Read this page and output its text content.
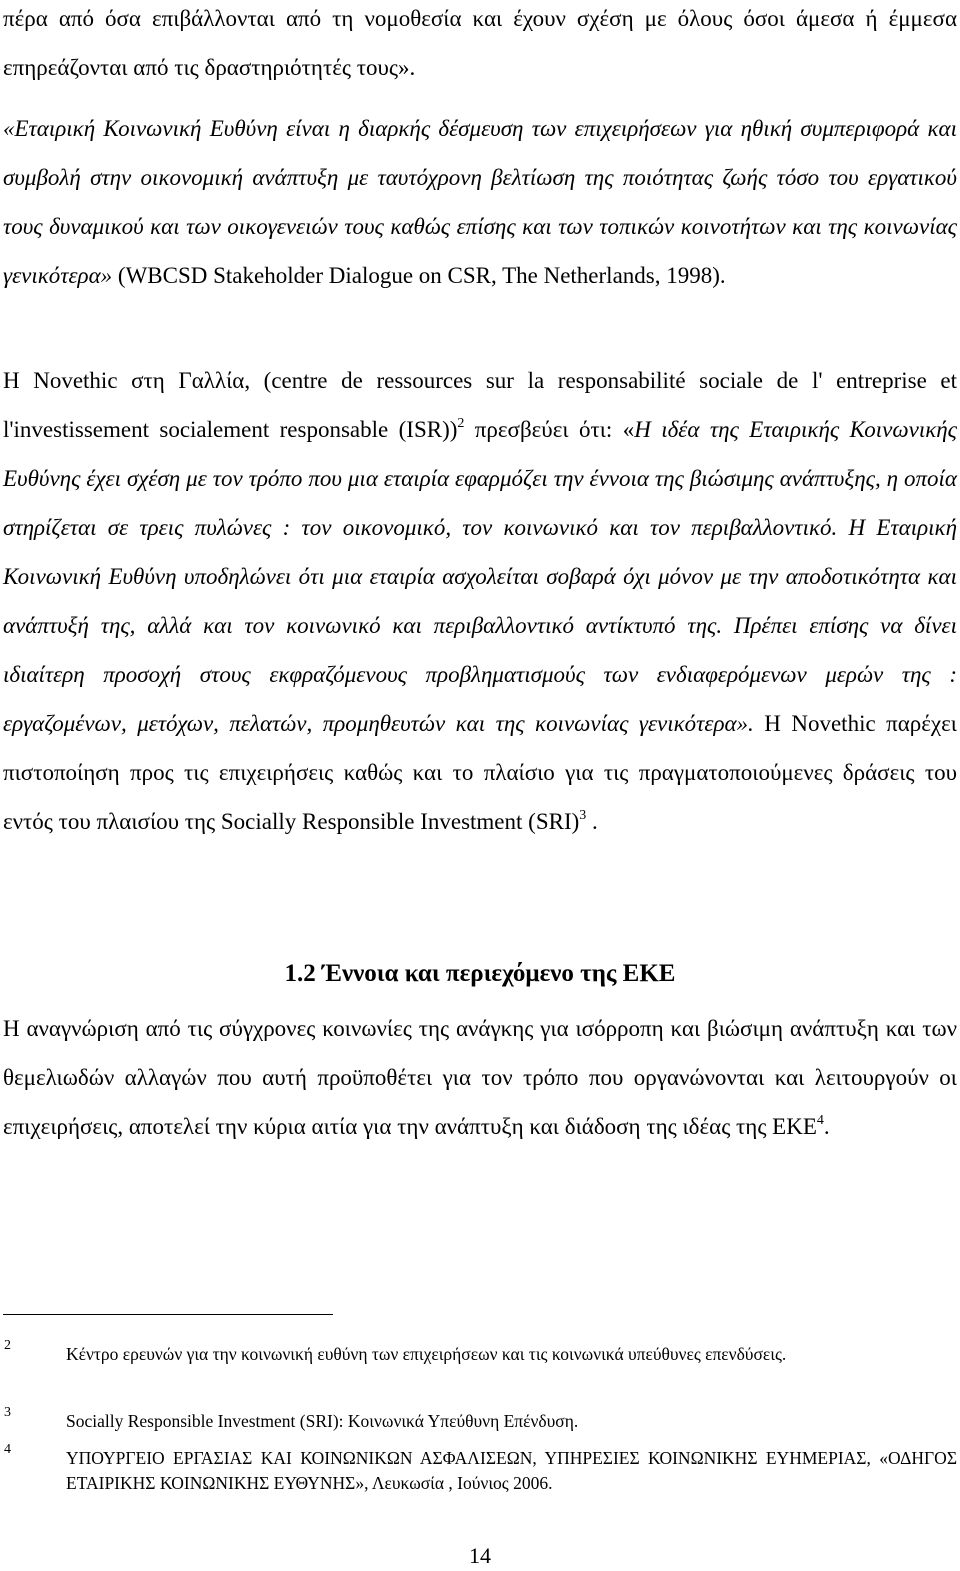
πέρα από όσα επιβάλλονται από τη νομοθεσία και έχουν σχέση με όλους όσοι άμεσα ή έμμεσα επηρεάζονται από τις δραστηριότητές τους».
«Εταιρική Κοινωνική Ευθύνη είναι η διαρκής δέσμευση των επιχειρήσεων για ηθική συμπεριφορά και συμβολή στην οικονομική ανάπτυξη με ταυτόχρονη βελτίωση της ποιότητας ζωής τόσο του εργατικού τους δυναμικού και των οικογενειών τους καθώς επίσης και των τοπικών κοινοτήτων και της κοινωνίας γενικότερα» (WBCSD Stakeholder Dialogue on CSR, The Netherlands, 1998).
H Novethic στη Γαλλία, (centre de ressources sur la responsabilité sociale de l' entreprise et l'investissement socialement responsable (ISR))$^2$ πρεσβεύει ότι: «Η ιδέα της Εταιρικής Κοινωνικής Ευθύνης έχει σχέση με τον τρόπο που μια εταιρία εφαρμόζει την έννοια της βιώσιμης ανάπτυξης, η οποία στηρίζεται σε τρεις πυλώνες : τον οικονομικό, τον κοινωνικό και τον περιβαλλοντικό. Η Εταιρική Κοινωνική Ευθύνη υποδηλώνει ότι μια εταιρία ασχολείται σοβαρά όχι μόνον με την αποδοτικότητα και ανάπτυξή της, αλλά και τον κοινωνικό και περιβαλλοντικό αντίκτυπό της. Πρέπει επίσης να δίνει ιδιαίτερη προσοχή στους εκφραζόμενους προβληματισμούς των ενδιαφερόμενων μερών της : εργαζομένων, μετόχων, πελατών, προμηθευτών και της κοινωνίας γενικότερα». H Novethic παρέχει πιστοποίηση προς τις επιχειρήσεις καθώς και το πλαίσιο για τις πραγματοποιούμενες δράσεις του εντός του πλαισίου της Socially Responsible Investment (SRI)$^3$ .
1.2 Έννοια και περιεχόμενο της ΕΚΕ
Η αναγνώριση από τις σύγχρονες κοινωνίες της ανάγκης για ισόρροπη και βιώσιμη ανάπτυξη και των θεμελιωδών αλλαγών που αυτή προϋποθέτει για τον τρόπο που οργανώνονται και λειτουργούν οι επιχειρήσεις, αποτελεί την κύρια αιτία για την ανάπτυξη και διάδοση της ιδέας της ΕΚΕ$^4$.
2	Κέντρο ερευνών για την κοινωνική ευθύνη των επιχειρήσεων και τις κοινωνικά υπεύθυνες επενδύσεις.
3	Socially Responsible Investment (SRI): Κοινωνικά Υπεύθυνη Επένδυση.
4	ΥΠΟΥΡΓΕΙΟ ΕΡΓΑΣΙΑΣ ΚΑΙ ΚΟΙΝΩΝΙΚΩΝ ΑΣΦΑΛΙΣΕΩΝ, ΥΠΗΡΕΣΙΕΣ ΚΟΙΝΩΝΙΚΗΣ ΕΥΗΜΕΡΙΑΣ, «ΟΔΗΓΟΣ ΕΤΑΙΡΙΚΗΣ ΚΟΙΝΩΝΙΚΗΣ ΕΥΘΥΝΗΣ», Λευκωσία , Ιούνιος 2006.
14
